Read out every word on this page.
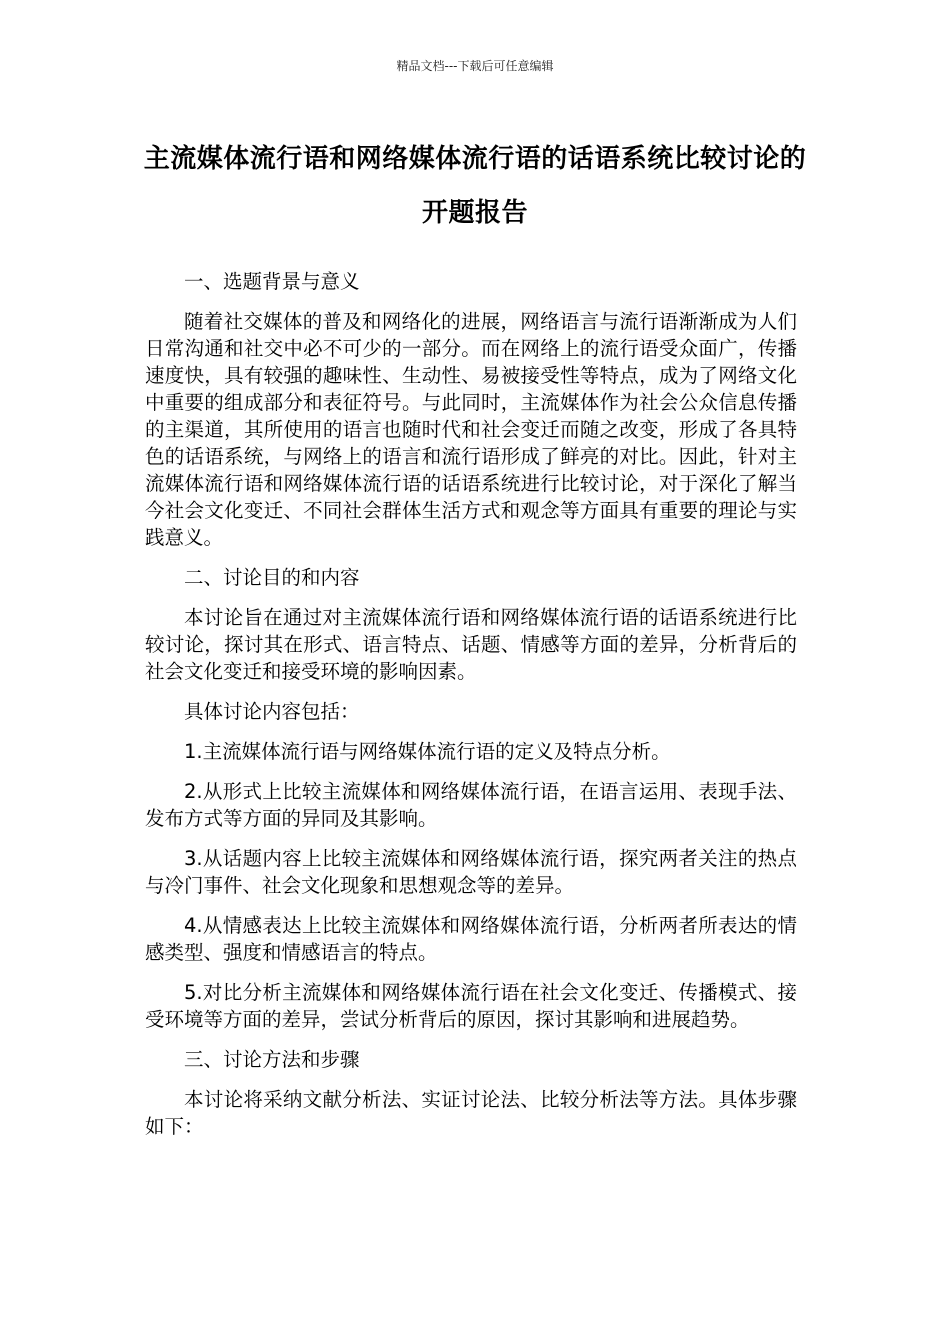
精品文档---下载后可任意编辑
主流媒体流行语和网络媒体流行语的话语系统比较讨论的开题报告

一、选题背景与意义

随着社交媒体的普及和网络化的进展，网络语言与流行语渐渐成为人们日常沟通和社交中必不可少的一部分。而在网络上的流行语受众面广，传播速度快，具有较强的趣味性、生动性、易被接受性等特点，成为了网络文化中重要的组成部分和表征符号。与此同时，主流媒体作为社会公众信息传播的主渠道，其所使用的语言也随时代和社会变迁而随之改变，形成了各具特色的话语系统，与网络上的语言和流行语形成了鲜亮的对比。因此，针对主流媒体流行语和网络媒体流行语的话语系统进行比较讨论，对于深化了解当今社会文化变迁、不同社会群体生活方式和观念等方面具有重要的理论与实践意义。

二、讨论目的和内容

本讨论旨在通过对主流媒体流行语和网络媒体流行语的话语系统进行比较讨论，探讨其在形式、语言特点、话题、情感等方面的差异，分析背后的社会文化变迁和接受环境的影响因素。

具体讨论内容包括：

1.主流媒体流行语与网络媒体流行语的定义及特点分析。

2.从形式上比较主流媒体和网络媒体流行语，在语言运用、表现手法、发布方式等方面的异同及其影响。

3.从话题内容上比较主流媒体和网络媒体流行语，探究两者关注的热点与冷门事件、社会文化现象和思想观念等的差异。

4.从情感表达上比较主流媒体和网络媒体流行语，分析两者所表达的情感类型、强度和情感语言的特点。

5.对比分析主流媒体和网络媒体流行语在社会文化变迁、传播模式、接受环境等方面的差异，尝试分析背后的原因，探讨其影响和进展趋势。

三、讨论方法和步骤

本讨论将采纳文献分析法、实证讨论法、比较分析法等方法。具体步骤如下：
